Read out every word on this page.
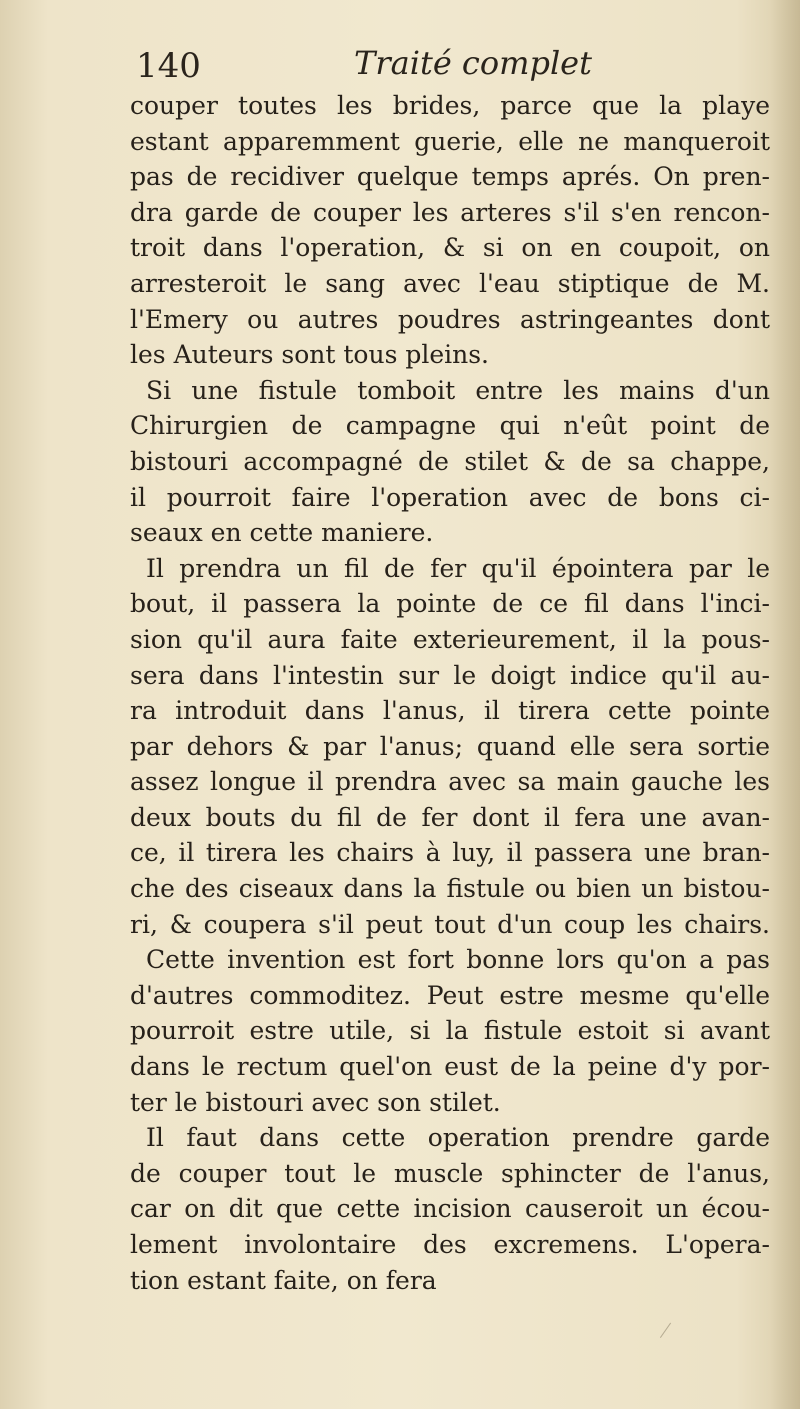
140	Traité complet
couper toutes les brides, parce que la playe
estant apparemment guerie, elle ne manqueroit
pas de recidiver quelque temps aprés. On pren-
dra garde de couper les arteres s'il s'en rencon-
troit dans l'operation, & si on en coupoit, on
arresteroit le sang avec l'eau stiptique de M.
l'Emery ou autres poudres astringeantes dont
les Auteurs sont tous pleins.
Si une fistule tomboit entre les mains d'un
Chirurgien de campagne qui n'eût point de
bistouri accompagné de stilet & de sa chappe,
il pourroit faire l'operation avec de bons ci-
seaux en cette maniere.
Il prendra un fil de fer qu'il épointera par le
bout, il passera la pointe de ce fil dans l'inci-
sion qu'il aura faite exterieurement, il la pous-
sera dans l'intestin sur le doigt indice qu'il au-
ra introduit dans l'anus, il tirera cette pointe
par dehors & par l'anus; quand elle sera sortie
assez longue il prendra avec sa main gauche les
deux bouts du fil de fer dont il fera une avan-
ce, il tirera les chairs à luy, il passera une bran-
che des ciseaux dans la fistule ou bien un bistou-
ri, & coupera s'il peut tout d'un coup les chairs.
Cette invention est fort bonne lors qu'on a pas
d'autres commoditez. Peut estre mesme qu'elle
pourroit estre utile, si la fistule estoit si avant
dans le rectum quel'on eust de la peine d'y por-
ter le bistouri avec son stilet.
Il faut dans cette operation prendre garde
de couper tout le muscle sphincter de l'anus,
car on dit que cette incision causeroit un écou-
lement involontaire des excremens. L'opera-
tion estant faite, on fera
